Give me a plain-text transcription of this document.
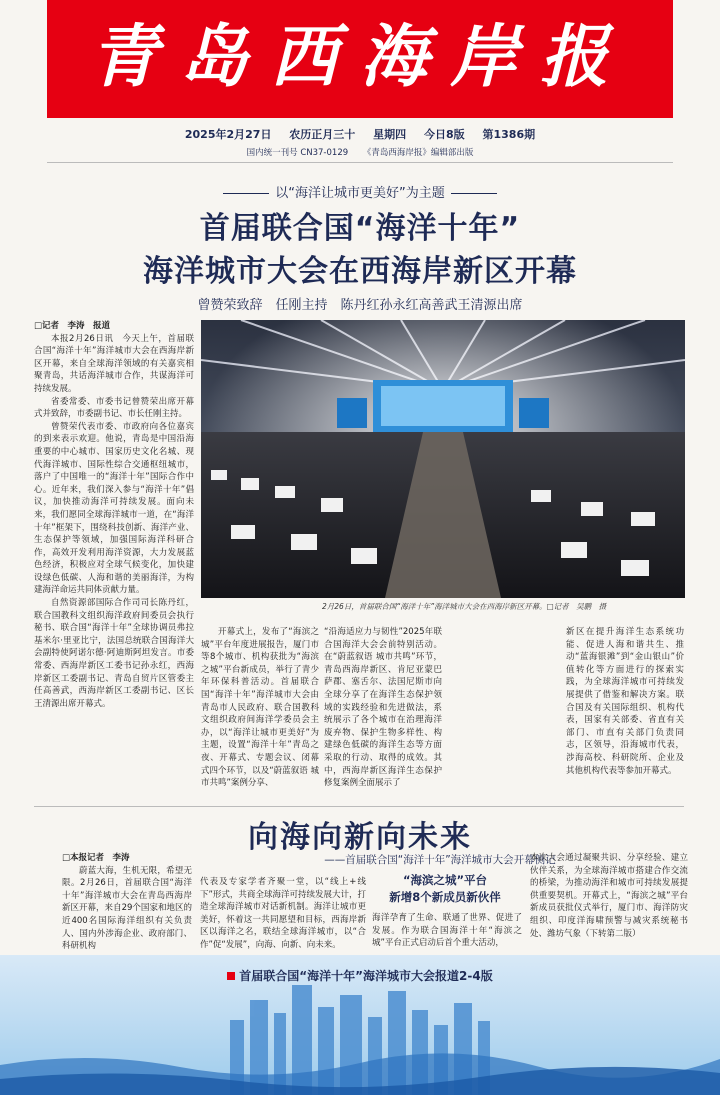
青岛西海岸报
2025年2月27日 农历正月三十 星期四 今日8版 第1386期
国内统一刊号 CN37-0129 《青岛西海岸报》编辑部出版
以“海洋让城市更美好”为主题
首届联合国“海洋十年”
海洋城市大会在西海岸新区开幕
曾赞荣致辞　任刚主持　陈丹红孙永红高善武王清源出席

□记者　李涛　报道

本报2月26日讯　今天上午，首届联合国“海洋十年”海洋城市大会在西海岸新区开幕，来自全球海洋领域的有关嘉宾相聚青岛，共话海洋城市合作，共谋海洋可持续发展。

省委常委、市委书记曾赞荣出席开幕式并致辞，市委副书记、市长任刚主持。

曾赞荣代表市委、市政府向各位嘉宾的到来表示欢迎。他说，青岛是中国沿海重要的中心城市、国家历史文化名城、现代海洋城市、国际性综合交通枢纽城市，落户了中国唯一的“海洋十年”国际合作中心。近年来，我们深入参与“海洋十年”倡议，加快推动海洋可持续发展。面向未来，我们愿同全球海洋城市一道，在“海洋十年”框架下，围绕科技创新、海洋产业、生态保护等领域，加强国际海洋科研合作，高效开发利用海洋资源，大力发展蓝色经济，积极应对全球气候变化，加快建设绿色低碳、人海和谐的美丽海洋，为构建海洋命运共同体贡献力量。

自然资源部国际合作司司长陈丹红，联合国教科文组织海洋政府间委员会执行秘书、联合国“海洋十年”全球协调员弗拉基米尔·里亚比宁，法国总统联合国海洋大会副特使阿诺尔德·阿迪斯阿坦发言。市委常委、西海岸新区工委书记孙永红，西海岸新区工委副书记、青岛自贸片区管委主任高善武，西海岸新区工委副书记、区长王清源出席开幕式。

2月26日，首届联合国“海洋十年”海洋城市大会在西海岸新区开幕。□记者　吴鹏　摄

开幕式上，发布了“海滨之城”平台年度进展报告，厦门市等8个城市、机构获批为“海滨之城”平台新成员，举行了青少年环保科普活动。首届联合国“海洋十年”海洋城市大会由青岛市人民政府、联合国教科文组织政府间海洋学委员会主办，以“海洋让城市更美好”为主题，设置“海洋十年”青岛之夜、开幕式、专题会议、闭幕式四个环节，以及“蔚蓝叙语 城市共鸣”案例分享、

“沿海适应力与韧性”2025年联合国海洋大会会前特别活动。在“蔚蓝叙语 城市共鸣”环节，青岛西海岸新区、肯尼亚蒙巴萨郡、塞舌尔、法国尼斯市向全球分享了在海洋生态保护领域的实践经验和先进做法，系统展示了各个城市在治理海洋废弃物、保护生物多样性、构建绿色低碳的海洋生态等方面采取的行动、取得的成效。其中，西海岸新区海洋生态保护修复案例全面展示了

新区在提升海洋生态系统功能、促进人海和谐共生、推动“蓝海银滩”到“金山银山”价值转化等方面进行的探索实践，为全球海洋城市可持续发展提供了借鉴和解决方案。联合国及有关国际组织、机构代表，国家有关部委、省直有关部门、市直有关部门负责同志，区领导，沿海城市代表，涉海高校、科研院所、企业及其他机构代表等参加开幕式。

向海向新向未来
——首届联合国“海洋十年”海洋城市大会开幕侧记

□本报记者　李涛

蔚蓝大海，生机无限，希望无限。2月26日，首届联合国“海洋十年”海洋城市大会在青岛西海岸新区开幕，来自29个国家和地区的近400名国际海洋组织有关负责人、国内外涉海企业、政府部门、科研机构

代表及专家学者齐聚一堂，以“线上+线下”形式，共商全球海洋可持续发展大计，打造全球海洋城市对话新机制。海洋让城市更美好，怀着这一共同愿望和目标，西海岸新区以海洋之名，联结全球海洋城市，以“合作”促“发展”，向海、向新、向未来。

“海滨之城”平台
新增8个新成员新伙伴

海洋孕育了生命、联通了世界、促进了发展。作为联合国海洋十年“海滨之城”平台正式启动后首个重大活动，

本次大会通过凝聚共识、分享经验、建立伙伴关系，为全球海洋城市搭建合作交流的桥梁，为推动海洋和城市可持续发展提供重要契机。开幕式上，“海滨之城”平台新成员获批仪式举行，厦门市、海洋防灾组织、印度洋海啸预警与减灾系统秘书处、潍坊气象（下转第二版）

首届联合国“海洋十年”海洋城市大会报道2-4版
